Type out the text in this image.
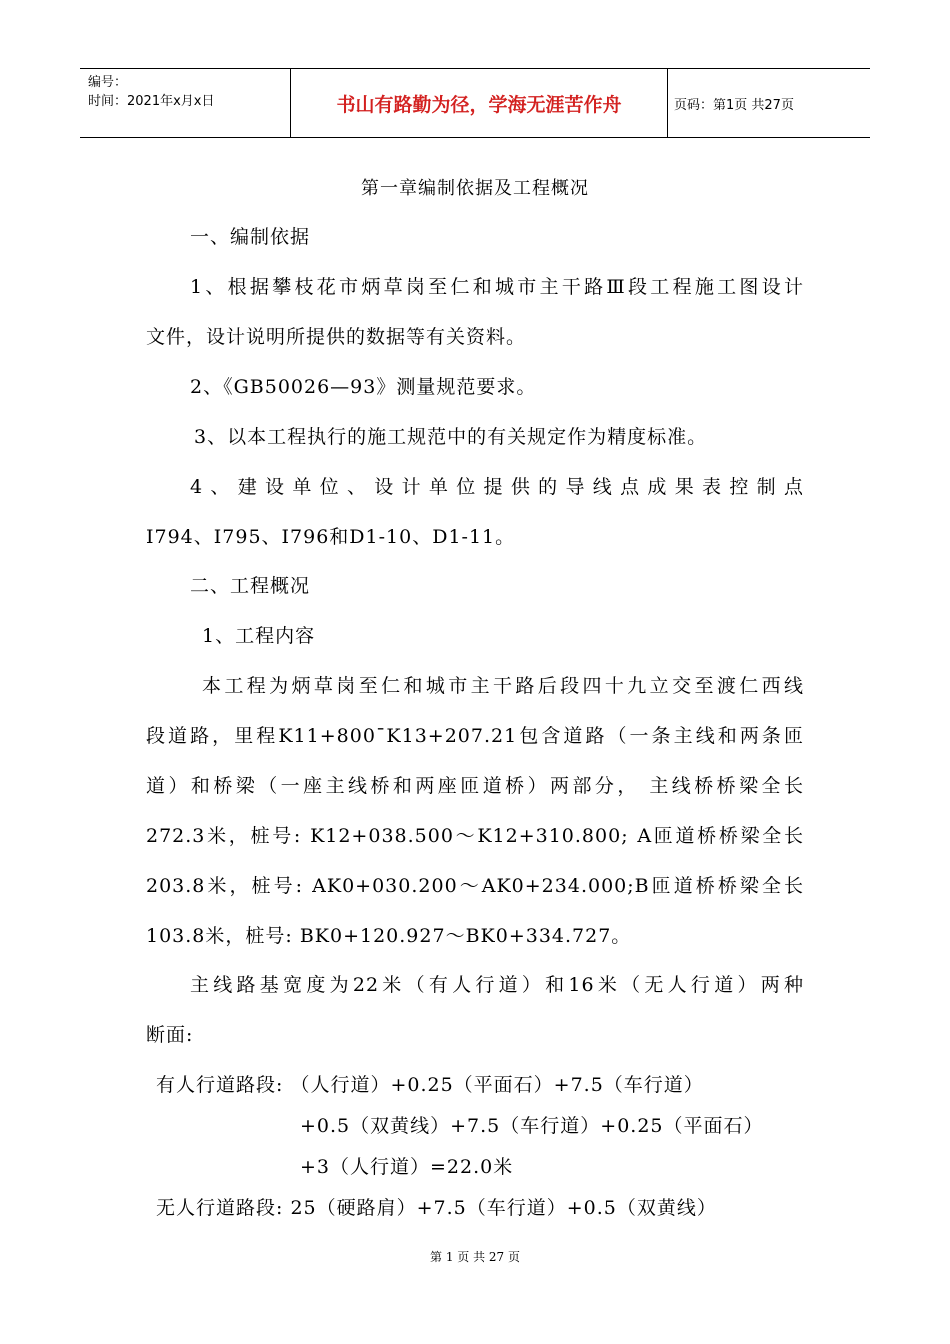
编号：
时间：2021年x月x日	书山有路勤为径，学海无涯苦作舟	页码：第1页 共27页
第一章编制依据及工程概况
一、编制依据
1、根据攀枝花市炳草岗至仁和城市主干路Ⅲ段工程施工图设计
文件，设计说明所提供的数据等有关资料。
2、《GB50026—93》测量规范要求。
3、以本工程执行的施工规范中的有关规定作为精度标准。
4、建设单位、设计单位提供的导线点成果表控制点
I794、I795、I796和D1-10、D1-11。
二、工程概况
1、工程内容
本工程为炳草岗至仁和城市主干路后段四十九立交至渡仁西线
段道路，里程K11+800¯K13+207.21包含道路（一条主线和两条匝
道）和桥梁（一座主线桥和两座匝道桥）两部分， 主线桥桥梁全长
272.3米，桩号: K12+038.500～K12+310.800; A匝道桥桥梁全长
203.8米，桩号: AK0+030.200～AK0+234.000;B匝道桥桥梁全长
103.8米，桩号: BK0+120.927～BK0+334.727。
主线路基宽度为22米（有人行道）和16米（无人行道）两种
断面:
有人行道路段: （人行道）+0.25（平面石）+7.5（车行道）
+0.5（双黄线）+7.5（车行道）+0.25（平面石）
+3（人行道）=22.0米
无人行道路段: 25（硬路肩）+7.5（车行道）+0.5（双黄线）
第 1 页 共 27 页
